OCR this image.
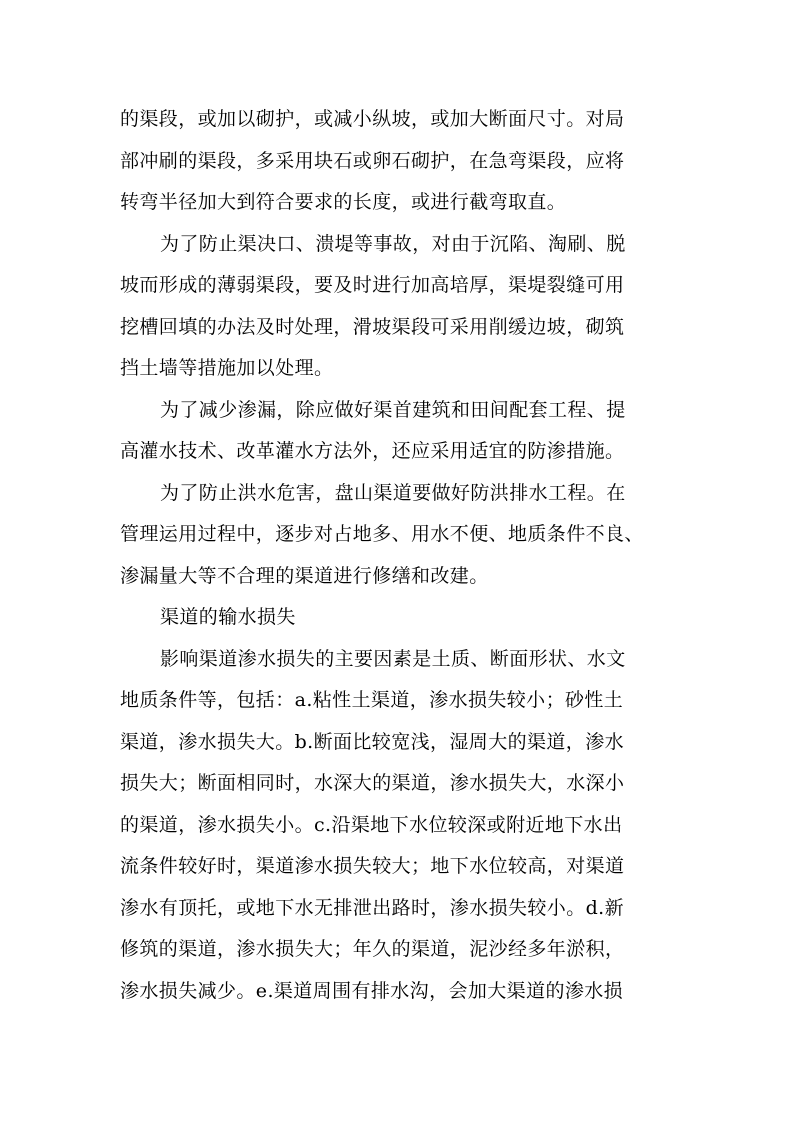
的渠段，或加以砌护，或减小纵坡，或加大断面尺寸。对局
部冲刷的渠段，多采用块石或卵石砌护，在急弯渠段，应将
转弯半径加大到符合要求的长度，或进行截弯取直。
为了防止渠决口、溃堤等事故，对由于沉陷、淘刷、脱
坡而形成的薄弱渠段，要及时进行加高培厚，渠堤裂缝可用
挖槽回填的办法及时处理，滑坡渠段可采用削缓边坡，砌筑
挡土墙等措施加以处理。
为了减少渗漏，除应做好渠首建筑和田间配套工程、提
高灌水技术、改革灌水方法外，还应采用适宜的防渗措施。
为了防止洪水危害，盘山渠道要做好防洪排水工程。在
管理运用过程中，逐步对占地多、用水不便、地质条件不良、
渗漏量大等不合理的渠道进行修缮和改建。
渠道的输水损失
影响渠道渗水损失的主要因素是土质、断面形状、水文
地质条件等，包括：a.粘性土渠道，渗水损失较小；砂性土
渠道，渗水损失大。b.断面比较宽浅，湿周大的渠道，渗水
损失大；断面相同时，水深大的渠道，渗水损失大，水深小
的渠道，渗水损失小。c.沿渠地下水位较深或附近地下水出
流条件较好时，渠道渗水损失较大；地下水位较高，对渠道
渗水有顶托，或地下水无排泄出路时，渗水损失较小。d.新
修筑的渠道，渗水损失大；年久的渠道，泥沙经多年淤积，
渗水损失减少。e.渠道周围有排水沟，会加大渠道的渗水损
